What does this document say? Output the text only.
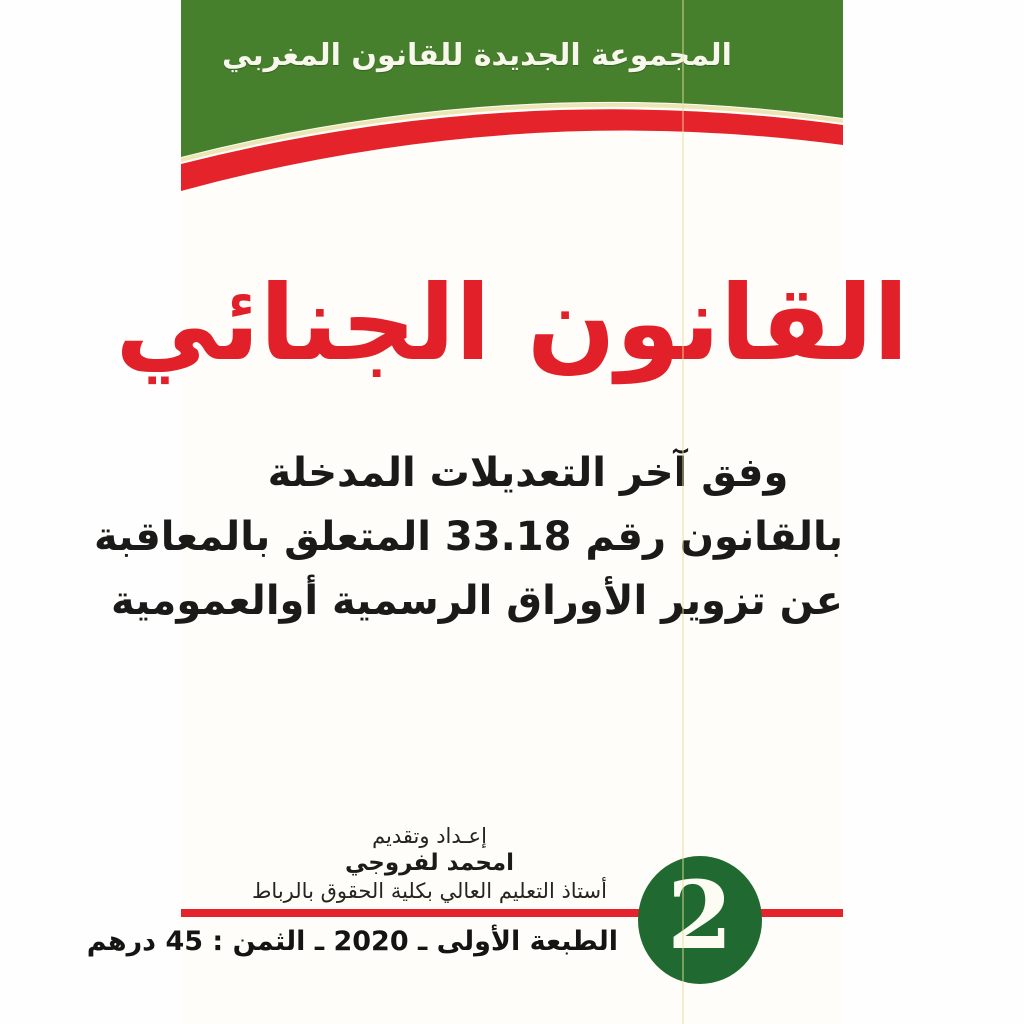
المجموعة الجديدة للقانون المغربي
القانون الجنائي
وفق آخر التعديلات المدخلة
بالقانون رقم 33.18 المتعلق بالمعاقبة
عن تزوير الأوراق الرسمية أوالعمومية
إعـداد وتقديم
امحمد لفروجي
أستاذ التعليم العالي بكلية الحقوق بالرباط 2
الطبعة الأولى ـ 2020 ـ الثمن : 45 درهم
